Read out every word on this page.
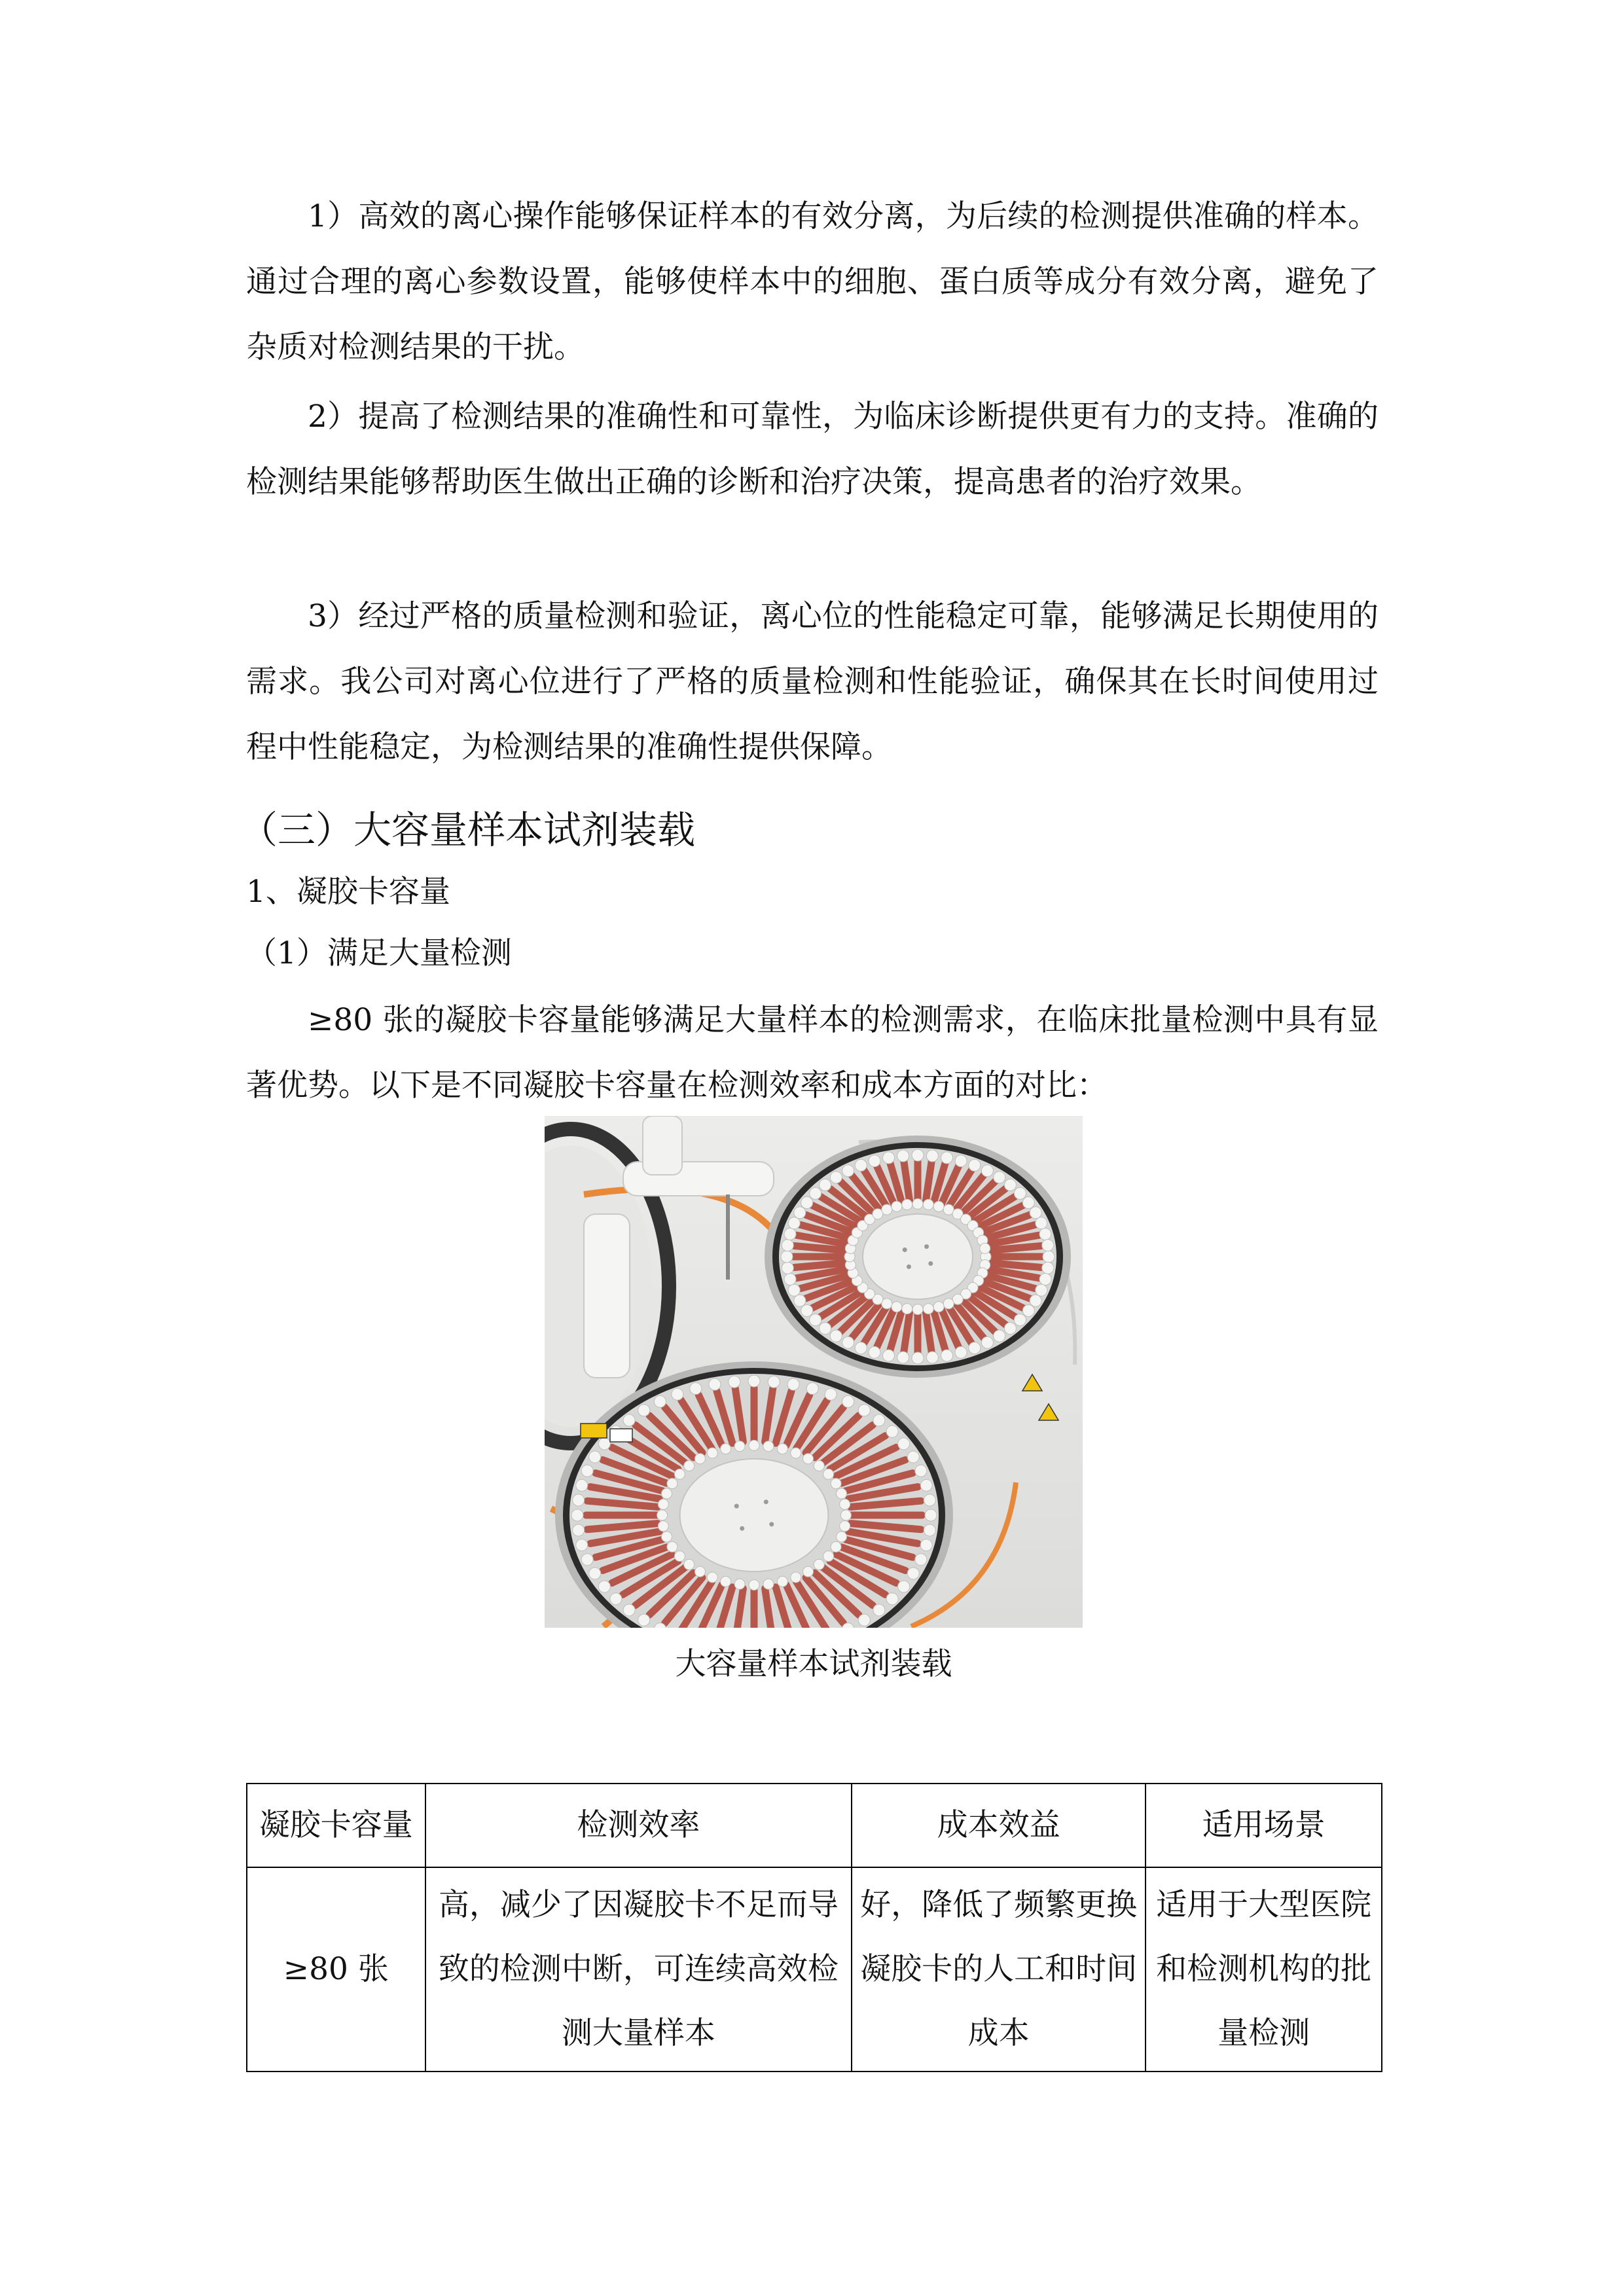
1）高效的离心操作能够保证样本的有效分离，为后续的检测提供准确的样本。通过合理的离心参数设置，能够使样本中的细胞、蛋白质等成分有效分离，避免了杂质对检测结果的干扰。

2）提高了检测结果的准确性和可靠性，为临床诊断提供更有力的支持。准确的检测结果能够帮助医生做出正确的诊断和治疗决策，提高患者的治疗效果。

3）经过严格的质量检测和验证，离心位的性能稳定可靠，能够满足长期使用的需求。我公司对离心位进行了严格的质量检测和性能验证，确保其在长时间使用过程中性能稳定，为检测结果的准确性提供保障。

（三）大容量样本试剂装载
1、凝胶卡容量
（1）满足大量检测

≥80 张的凝胶卡容量能够满足大量样本的检测需求，在临床批量检测中具有显著优势。以下是不同凝胶卡容量在检测效率和成本方面的对比：

大容量样本试剂装载
凝胶卡容量	检测效率	成本效益	适用场景
≥80 张	高，减少了因凝胶卡不足而导致的检测中断，可连续高效检测大量样本	好，降低了频繁更换凝胶卡的人工和时间成本	适用于大型医院和检测机构的批量检测
